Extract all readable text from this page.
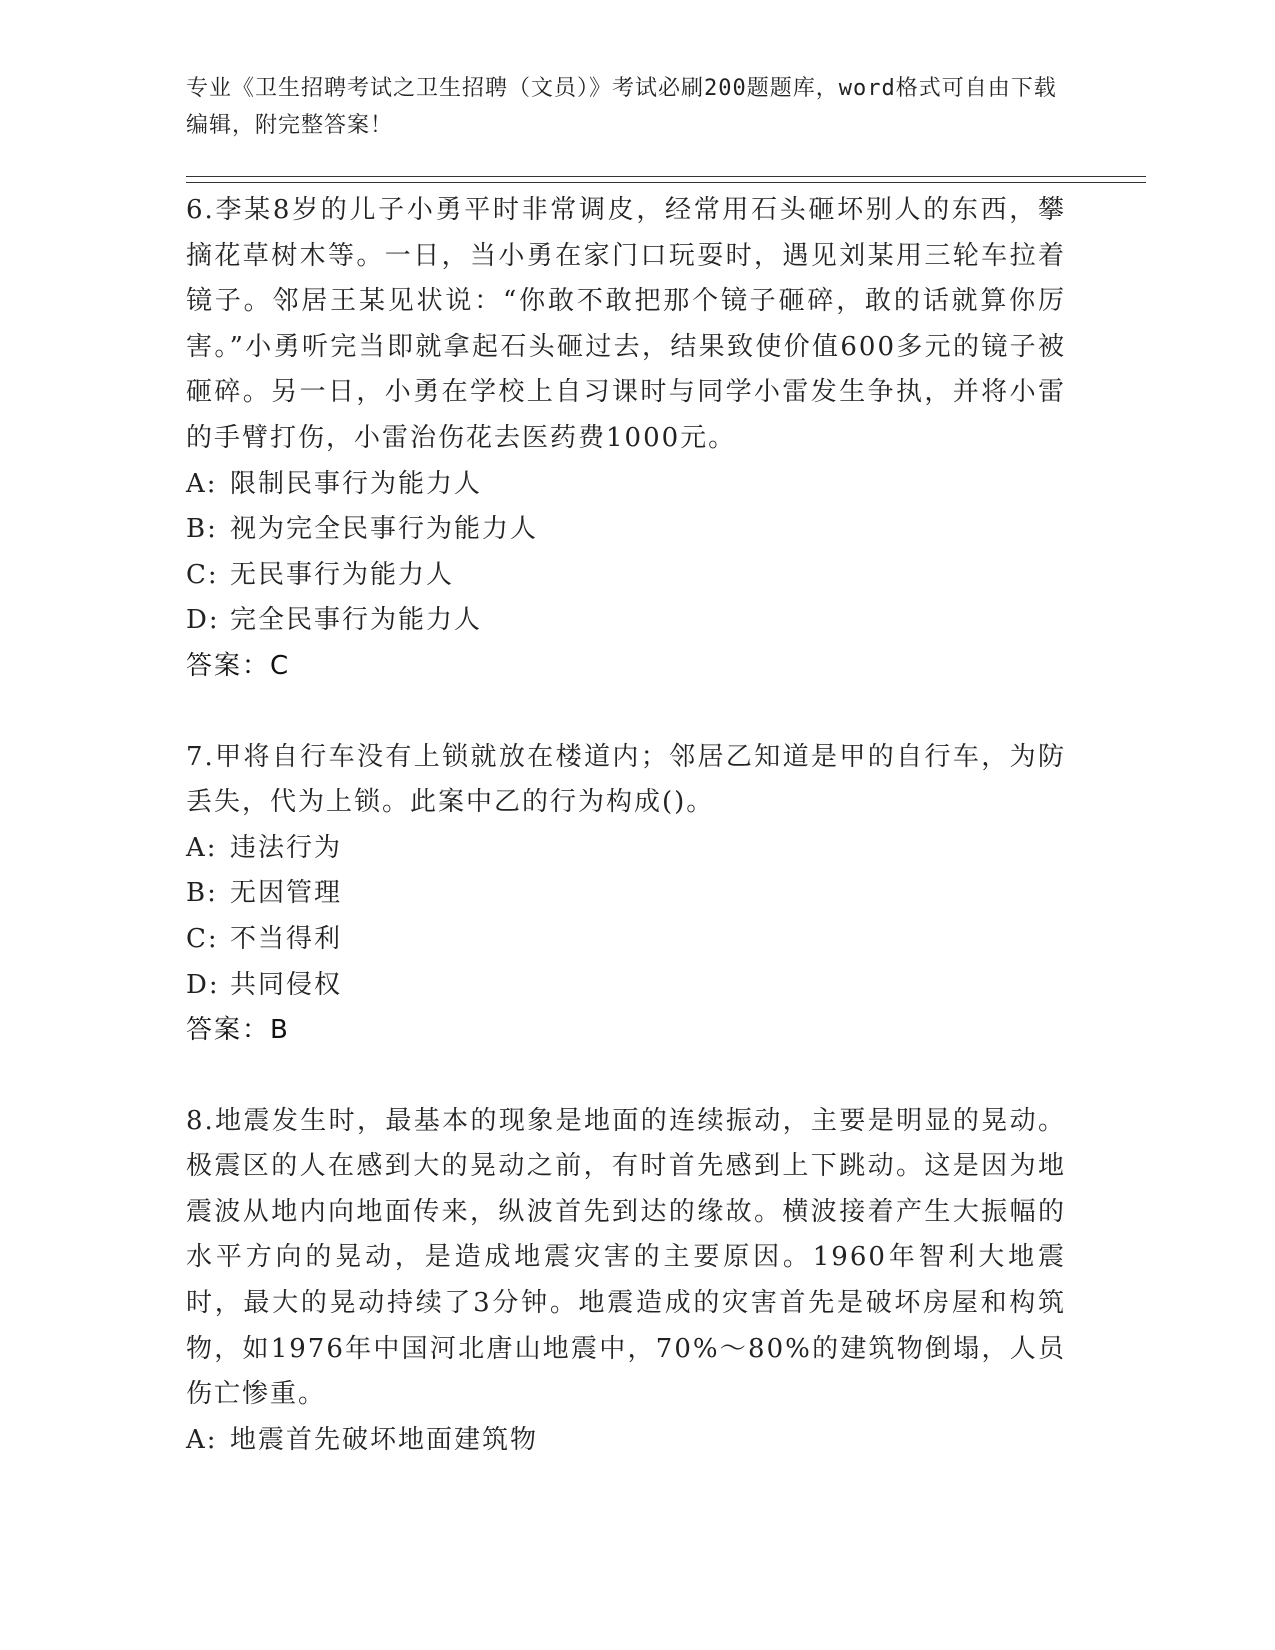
专业《卫生招聘考试之卫生招聘（文员）》考试必刷200题题库，word格式可自由下载编辑，附完整答案！

6.李某8岁的儿子小勇平时非常调皮，经常用石头砸坏别人的东西，攀摘花草树木等。一日，当小勇在家门口玩耍时，遇见刘某用三轮车拉着镜子。邻居王某见状说：“你敢不敢把那个镜子砸碎，敢的话就算你厉害。”小勇听完当即就拿起石头砸过去，结果致使价值600多元的镜子被砸碎。另一日，小勇在学校上自习课时与同学小雷发生争执，并将小雷的手臂打伤，小雷治伤花去医药费1000元。

A: 限制民事行为能力人

B: 视为完全民事行为能力人

C: 无民事行为能力人

D: 完全民事行为能力人

答案：C

7.甲将自行车没有上锁就放在楼道内；邻居乙知道是甲的自行车，为防丢失，代为上锁。此案中乙的行为构成()。

A: 违法行为

B: 无因管理

C: 不当得利

D: 共同侵权

答案：B

8.地震发生时，最基本的现象是地面的连续振动，主要是明显的晃动。极震区的人在感到大的晃动之前，有时首先感到上下跳动。这是因为地震波从地内向地面传来，纵波首先到达的缘故。横波接着产生大振幅的水平方向的晃动，是造成地震灾害的主要原因。1960年智利大地震时，最大的晃动持续了3分钟。地震造成的灾害首先是破坏房屋和构筑物，如1976年中国河北唐山地震中，70%～80%的建筑物倒塌，人员伤亡惨重。

A: 地震首先破坏地面建筑物
